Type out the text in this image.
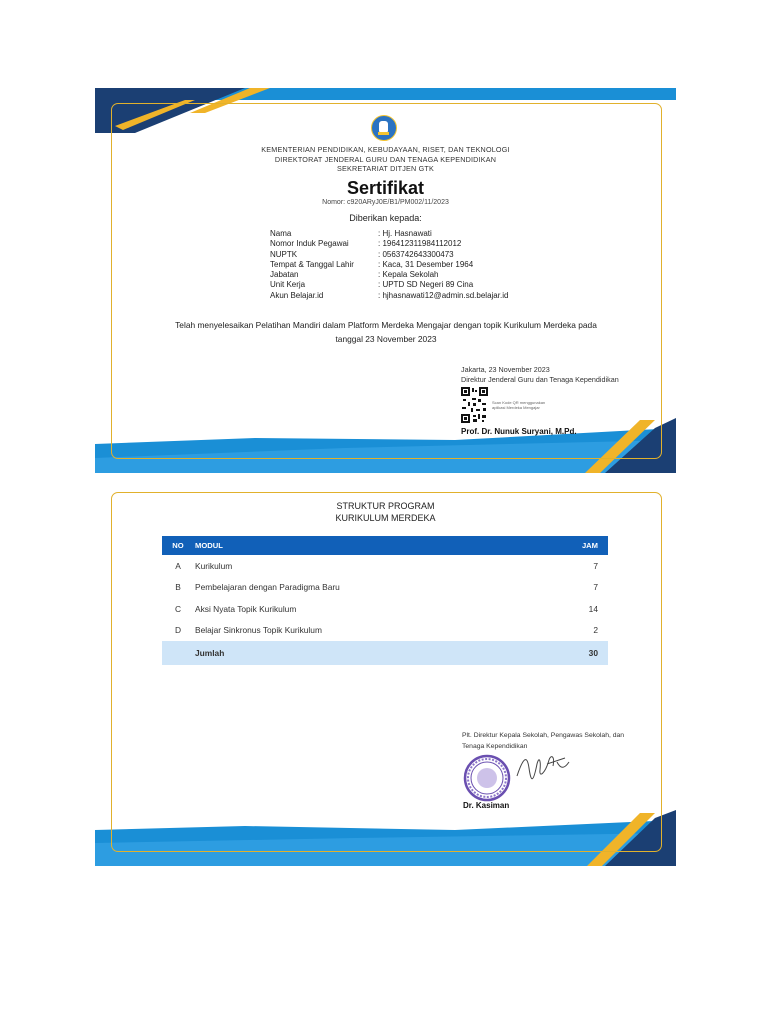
KEMENTERIAN PENDIDIKAN, KEBUDAYAAN, RISET, DAN TEKNOLOGI
DIREKTORAT JENDERAL GURU DAN TENAGA KEPENDIDIKAN
SEKRETARIAT DITJEN GTK
Sertifikat
Nomor: c920ARyJ0E/B1/PM002/11/2023
Diberikan kepada:
Nama	: Hj. Hasnawati
Nomor Induk Pegawai	: 196412311984112012
NUPTK	: 0563742643300473
Tempat & Tanggal Lahir	: Kaca, 31 Desember 1964
Jabatan	: Kepala Sekolah
Unit Kerja	: UPTD SD Negeri 89 Cina
Akun Belajar.id	: hjhasnawati12@admin.sd.belajar.id
Telah menyelesaikan Pelatihan Mandiri dalam Platform Merdeka Mengajar dengan topik Kurikulum Merdeka pada
tanggal 23 November 2023
Jakarta, 23 November 2023
Direktur Jenderal Guru dan Tenaga Kependidikan
Scan Kode QR menggunakan
aplikasi Merdeka Mengajar
Prof. Dr. Nunuk Suryani, M.Pd.
STRUKTUR PROGRAM
KURIKULUM MERDEKA
NO	MODUL	JAM
A	Kurikulum	7
B	Pembelajaran dengan Paradigma Baru	7
C	Aksi Nyata Topik Kurikulum	14
D	Belajar Sinkronus Topik Kurikulum	2
	Jumlah	30
Plt. Direktur Kepala Sekolah, Pengawas Sekolah, dan
Tenaga Kependidikan
Dr. Kasiman
